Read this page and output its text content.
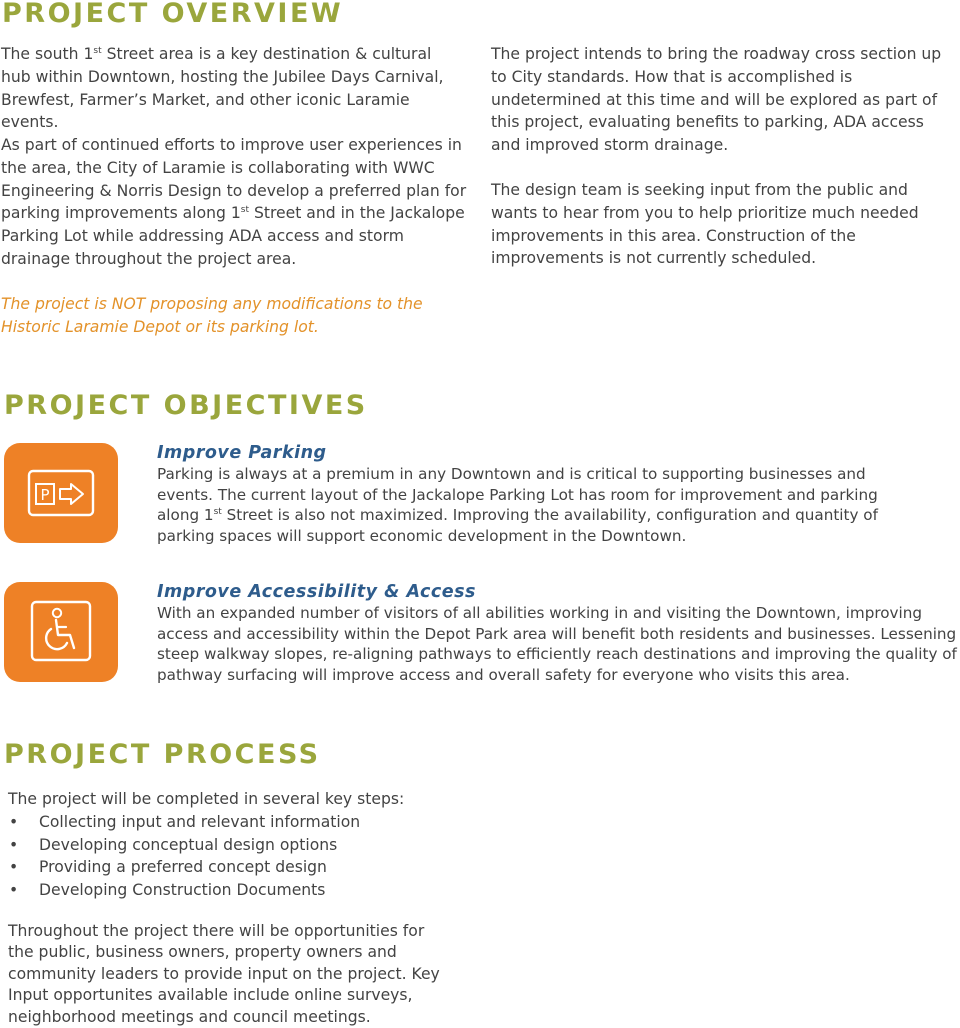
PROJECT OVERVIEW

The south 1st Street area is a key destination & cultural hub within Downtown, hosting the Jubilee Days Carnival, Brewfest, Farmer’s Market, and other iconic Laramie events.

As part of continued efforts to improve user experiences in the area, the City of Laramie is collaborating with WWC Engineering & Norris Design to develop a preferred plan for parking improvements along 1st Street and in the Jackalope Parking Lot while addressing ADA access and storm drainage throughout the project area.

The project is NOT proposing any modifications to the Historic Laramie Depot or its parking lot.

The project intends to bring the roadway cross section up to City standards. How that is accomplished is undetermined at this time and will be explored as part of this project, evaluating benefits to parking, ADA access and improved storm drainage.

The design team is seeking input from the public and wants to hear from you to help prioritize much needed improvements in this area. Construction of the improvements is not currently scheduled.

PROJECT OBJECTIVES
P
Improve Parking

Parking is always at a premium in any Downtown and is critical to supporting businesses and events. The current layout of the Jackalope Parking Lot has room for improvement and parking along 1st Street is also not maximized. Improving the availability, configuration and quantity of parking spaces will support economic development in the Downtown.

Improve Accessibility & Access

With an expanded number of visitors of all abilities working in and visiting the Downtown, improving access and accessibility within the Depot Park area will benefit both residents and businesses. Lessening steep walkway slopes, re-aligning pathways to efficiently reach destinations and improving the quality of pathway surfacing will improve access and overall safety for everyone who visits this area.

PROJECT PROCESS

The project will be completed in several key steps:

• Collecting input and relevant information
• Developing conceptual design options
• Providing a preferred concept design
• Developing Construction Documents

Throughout the project there will be opportunities for the public, business owners, property owners and community leaders to provide input on the project. Key Input opportunites available include online surveys, neighborhood meetings and council meetings.
